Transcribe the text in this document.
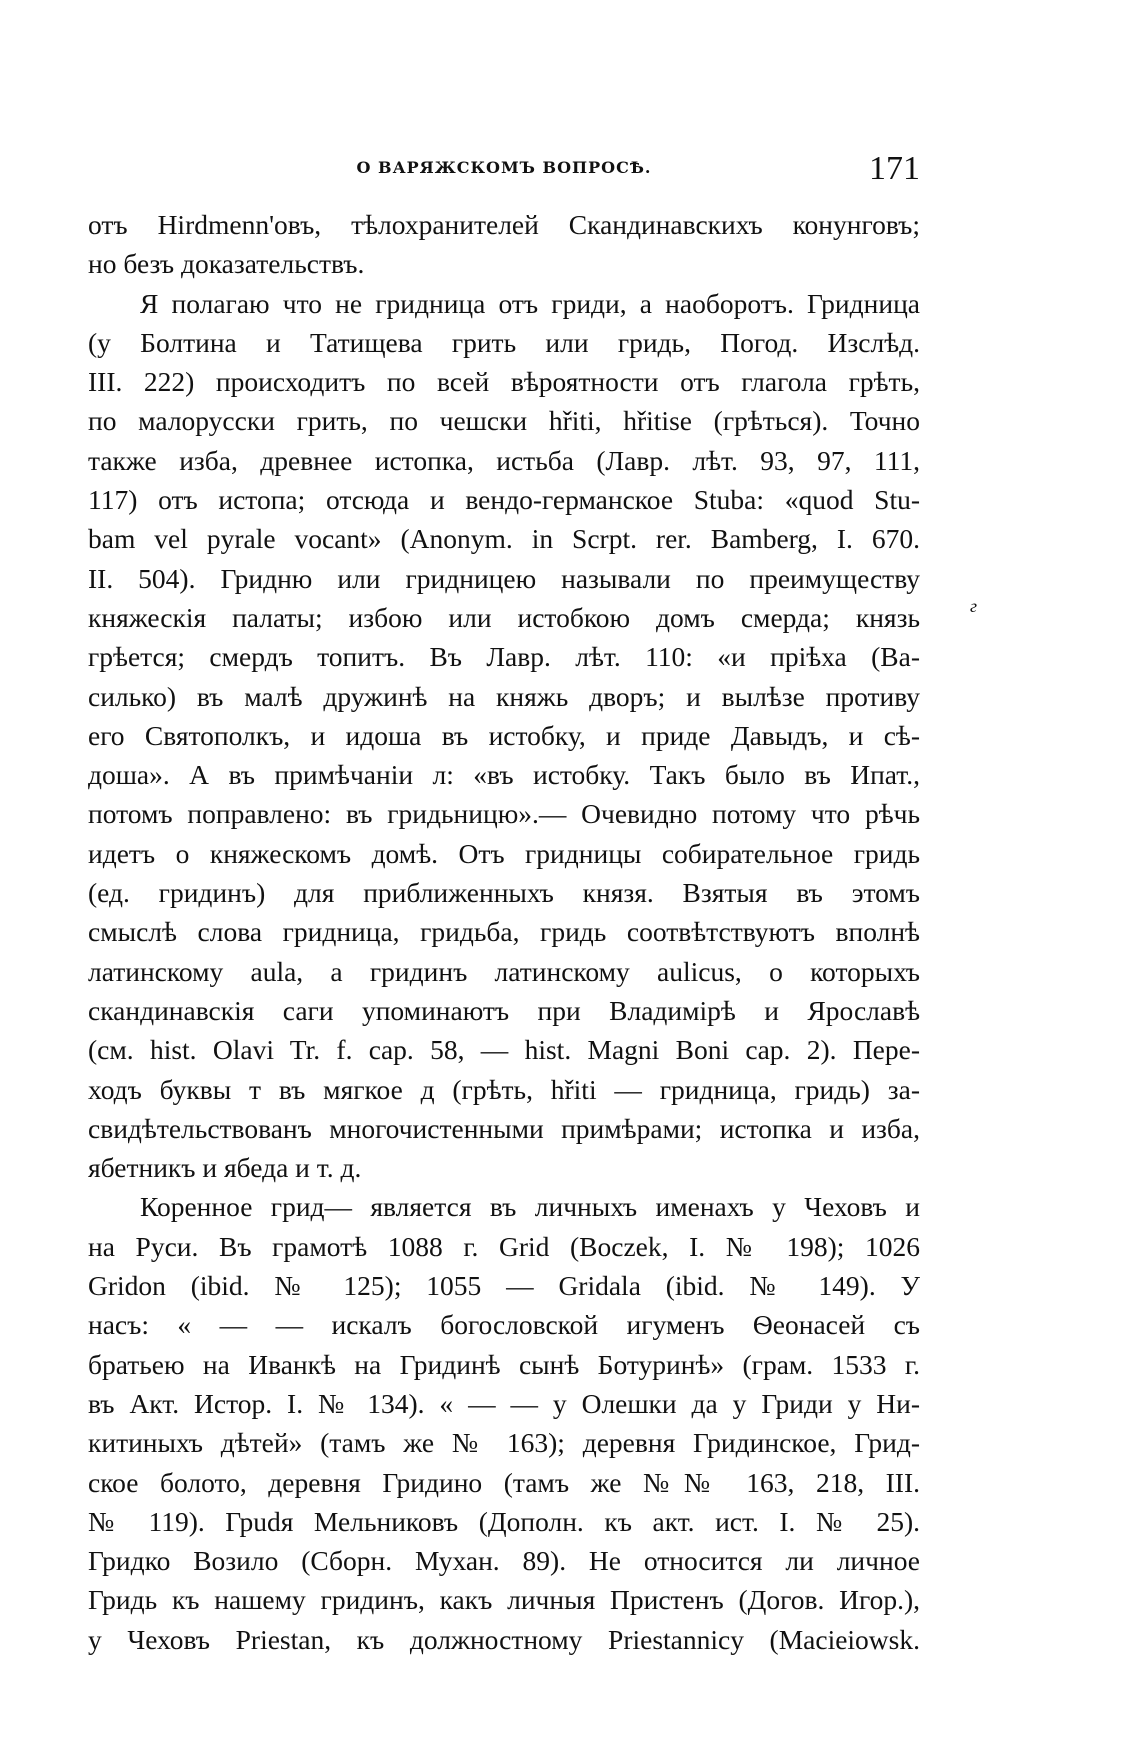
О ВАРЯЖСКОМЪ ВОПРОСѢ.	171
отъ Hirdmenn'овъ, тѣлохранителей Скандинавскихъ конунговъ;
но безъ доказательствъ.
Я полагаю что не гридница отъ гриди, а наоборотъ. Гридница
(у Болтина и Татищева грить или гридь, Погод. Изслѣд.
III. 222) происходитъ по всей вѣроятности отъ глагола грѣть,
по малорусски грить, по чешски hřiti, hřitise (грѣться). Точно
также изба, древнее истопка, истьба (Лавр. лѣт. 93, 97, 111,
117) отъ истопа; отсюда и вендо-германское Stuba: «quod Stu-
bam vel pyrale vocant» (Anonym. in Scrpt. rer. Bamberg, I. 670.
II. 504). Гридню или гридницею называли по преимуществу
княжескія палаты; избою или истобкою домъ смерда; князь
грѣется; смердъ топитъ. Въ Лавр. лѣт. 110: «и пріѣха (Ва-
силько) въ малѣ дружинѣ на княжь дворъ; и вылѣзе противу
его Святополкъ, и идоша въ истобку, и приде Давыдъ, и сѣ-
доша». А въ примѣчаніи л: «въ истобку. Такъ было въ Ипат.,
потомъ поправлено: въ гридьницю».— Очевидно потому что рѣчь
идетъ о княжескомъ домѣ. Отъ гридницы собирательное гридь
(ед. гридинъ) для приближенныхъ князя. Взятыя въ этомъ
смыслѣ слова гридница, гридьба, гридь соотвѣтствуютъ вполнѣ
латинскому aula, а гридинъ латинскому aulicus, о которыхъ
скандинавскія саги упоминаютъ при Владимірѣ и Ярославѣ
(см. hist. Olavi Tr. f. cap. 58, — hist. Magni Boni cap. 2). Пере-
ходъ буквы т въ мягкое д (грѣть, hřiti — гридница, гридь) за-
свидѣтельствованъ многочистенными примѣрами; истопка и изба,
ябетникъ и ябеда и т. д.
Коренное грид— является въ личныхъ именахъ у Чеховъ и
на Руси. Въ грамотѣ 1088 г. Grid (Boczek, I. № 198); 1026
Gridon (ibid. № 125); 1055 — Gridala (ibid. № 149). У
насъ: « — — искалъ богословской игуменъ Ѳеонасей съ
братьею на Иванкѣ на Гридинѣ сынѣ Ботуринѣ» (грам. 1533 г.
въ Акт. Истор. I. № 134). « — — у Олешки да у Гриди у Ни-
китиныхъ дѣтей» (тамъ же № 163); деревня Гридинское, Грид-
ское болото, деревня Гридино (тамъ же №№ 163, 218, III.
№ 119). Грudя Мельниковъ (Дополн. къ акт. ист. I. № 25).
Гридко Возило (Сборн. Мухан. 89). Не относится ли личное
Гридь къ нашему гридинъ, какъ личныя Пристенъ (Догов. Игор.),
у Чеховъ Priestan, къ должностному Priestannicy (Macieiowsk.
г
